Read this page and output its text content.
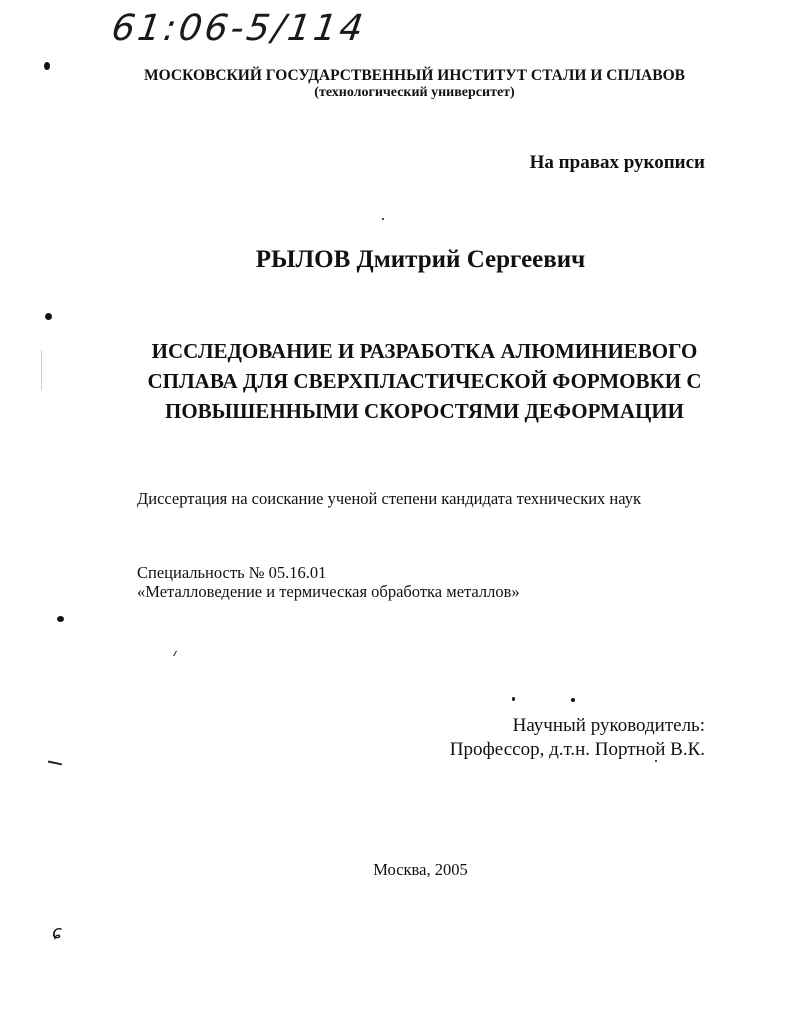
61:06-5/114
МОСКОВСКИЙ ГОСУДАРСТВЕННЫЙ ИНСТИТУТ СТАЛИ И СПЛАВОВ
(технологический университет)
На правах рукописи
РЫЛОВ Дмитрий Сергеевич
ИССЛЕДОВАНИЕ И РАЗРАБОТКА АЛЮМИНИЕВОГО
СПЛАВА ДЛЯ СВЕРХПЛАСТИЧЕСКОЙ ФОРМОВКИ С
ПОВЫШЕННЫМИ СКОРОСТЯМИ ДЕФОРМАЦИИ
Диссертация на соискание ученой степени кандидата технических наук
Специальность № 05.16.01
«Металловедение и термическая обработка металлов»
Научный руководитель:
Профессор, д.т.н. Портной В.К.
Москва, 2005
ɕ
